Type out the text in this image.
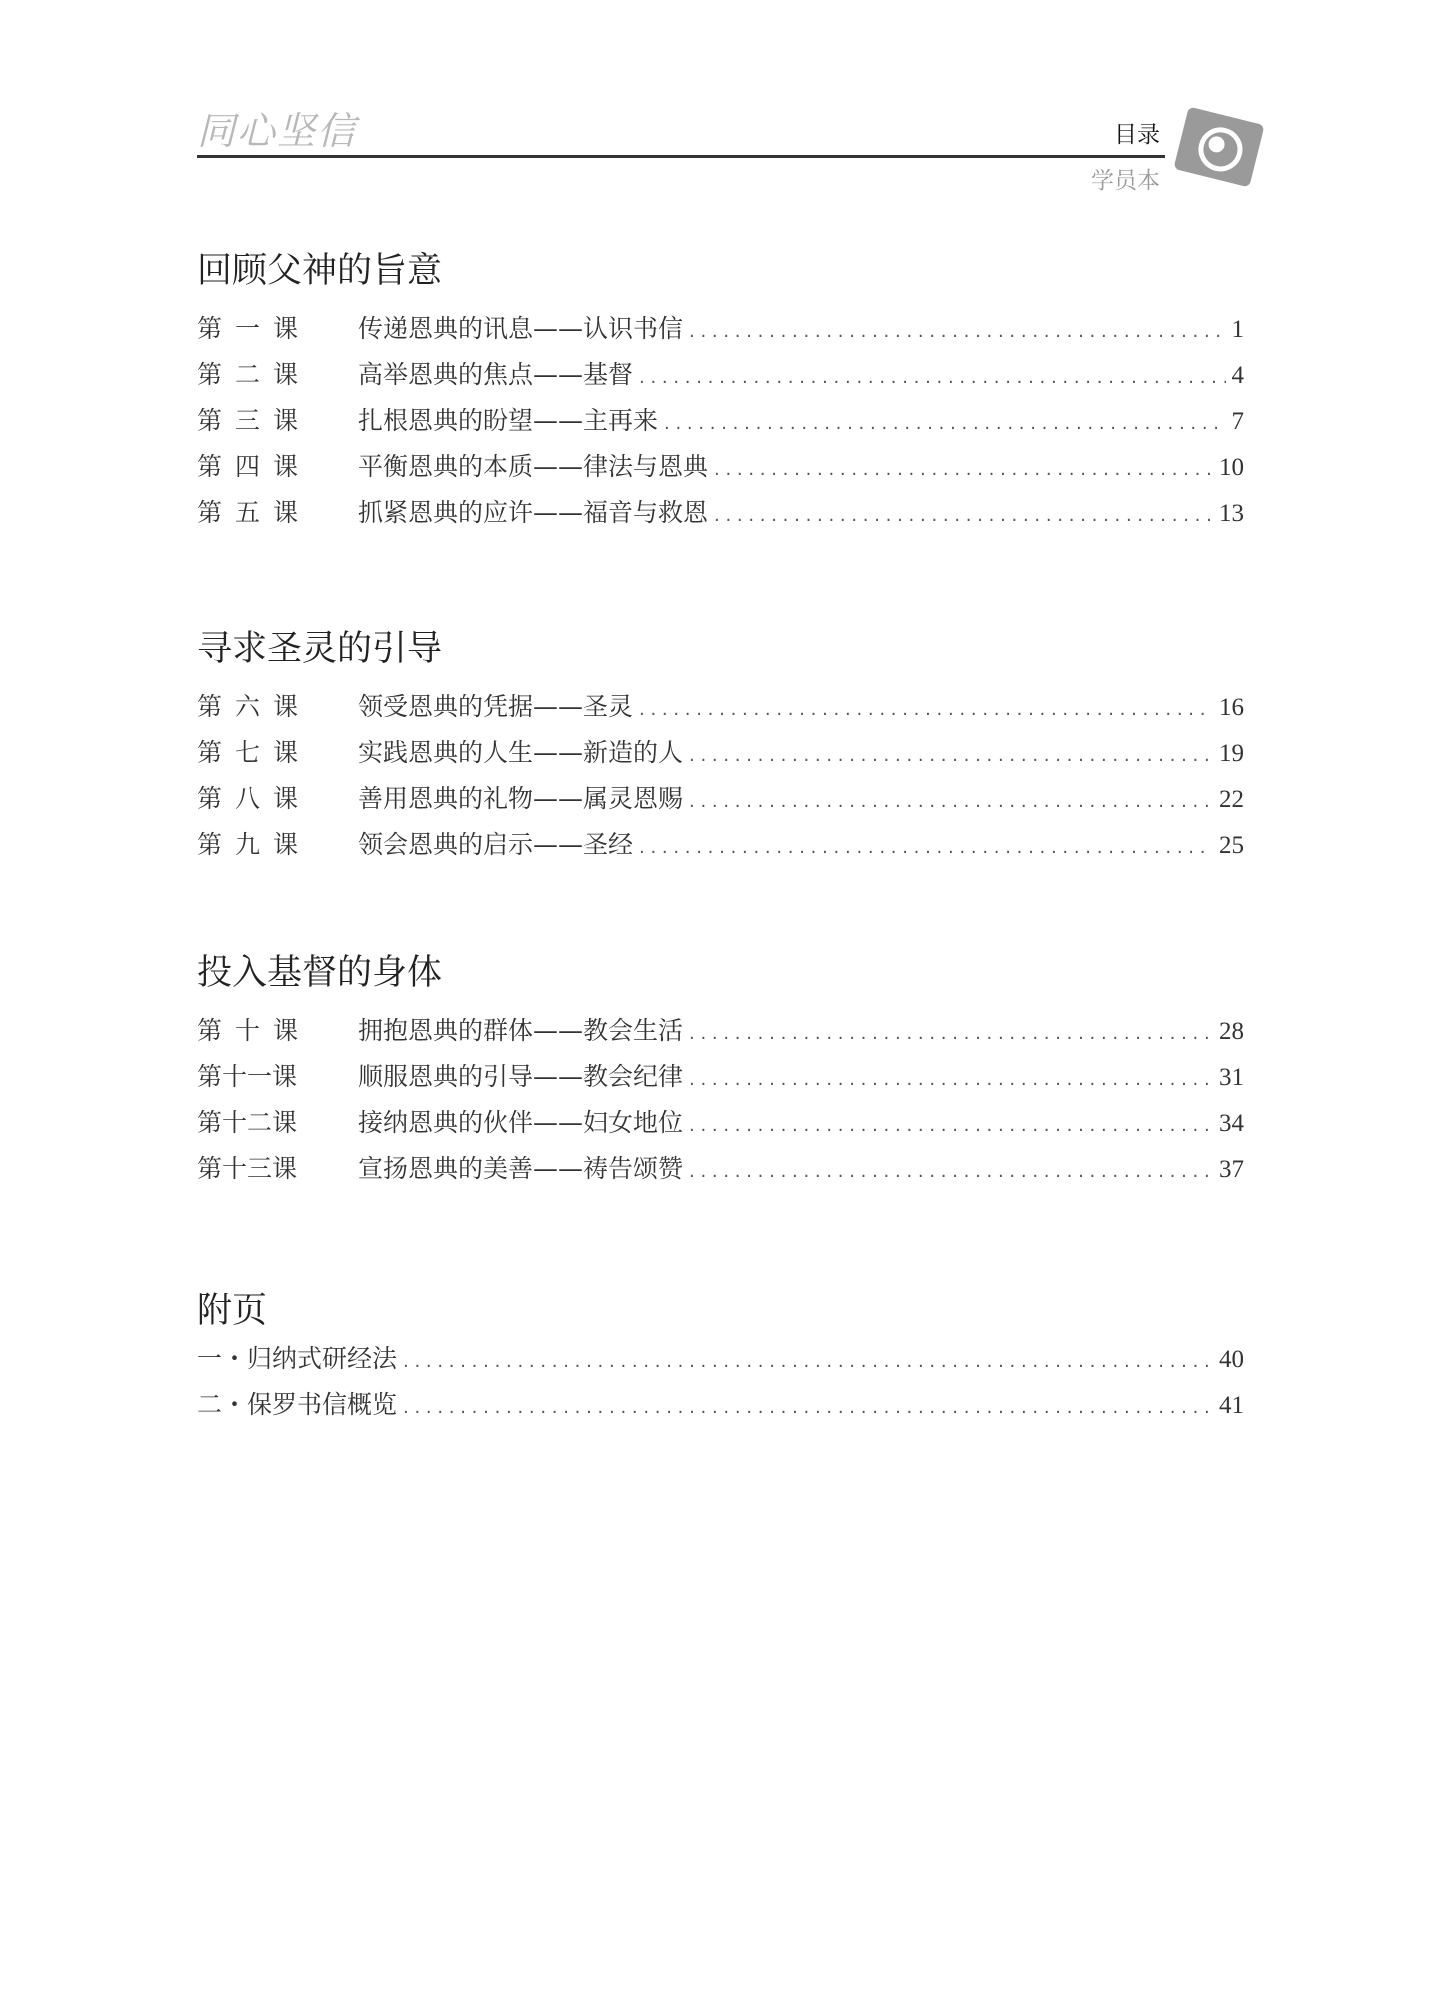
同心坚信	目录
学员本
回顾父神的旨意
第一课	传递恩典的讯息——认识书信 . . .	1
第二课	高举恩典的焦点——基督 . . .	4
第三课	扎根恩典的盼望——主再来 . . .	7
第四课	平衡恩典的本质——律法与恩典 . . .	10
第五课	抓紧恩典的应许——福音与救恩 . . .	13
寻求圣灵的引导
第六课	领受恩典的凭据——圣灵 . . .	16
第七课	实践恩典的人生——新造的人 . . .	19
第八课	善用恩典的礼物——属灵恩赐 . . .	22
第九课	领会恩典的启示——圣经 . . .	25
投入基督的身体
第十课	拥抱恩典的群体——教会生活 . . .	28
第十一课	顺服恩典的引导——教会纪律 . . .	31
第十二课	接纳恩典的伙伴——妇女地位 . . .	34
第十三课	宣扬恩典的美善——祷告颂赞 . . .	37
附页
一・归纳式研经法 . . .	40
二・保罗书信概览 . . .	41
